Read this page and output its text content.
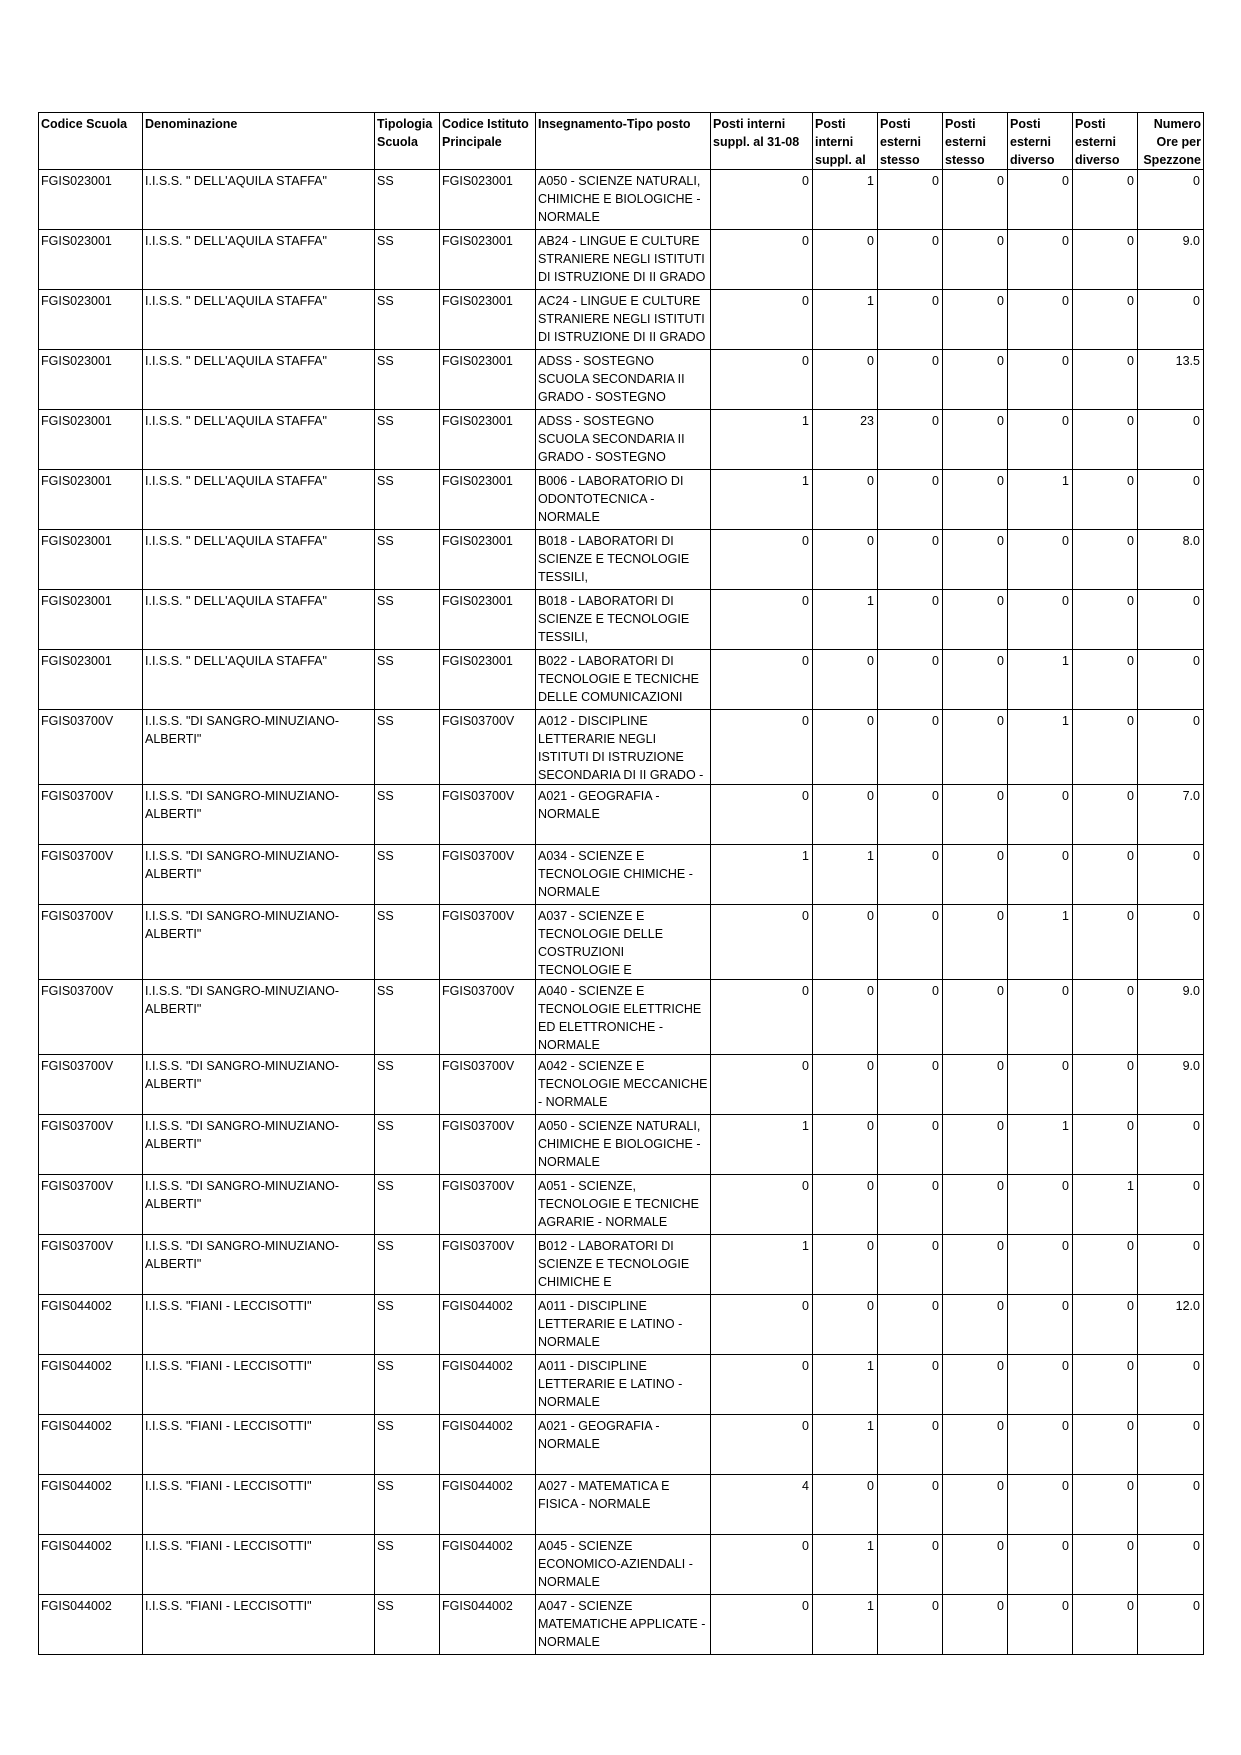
Codice Scuola	Denominazione	Tipologia Scuola	Codice Istituto Principale	Insegnamento-Tipo posto	Posti interni suppl. al 31-08	Posti interni suppl. al	Posti esterni stesso	Posti esterni stesso	Posti esterni diverso	Posti esterni diverso	Numero Ore per Spezzone
FGIS023001	I.I.S.S. " DELL'AQUILA STAFFA"	SS	FGIS023001	A050 - SCIENZE NATURALI, CHIMICHE E BIOLOGICHE - NORMALE	0	1	0	0	0	0	0
FGIS023001	I.I.S.S. " DELL'AQUILA STAFFA"	SS	FGIS023001	AB24 - LINGUE E CULTURE STRANIERE NEGLI ISTITUTI DI ISTRUZIONE DI II GRADO	0	0	0	0	0	0	9.0
FGIS023001	I.I.S.S. " DELL'AQUILA STAFFA"	SS	FGIS023001	AC24 - LINGUE E CULTURE STRANIERE NEGLI ISTITUTI DI ISTRUZIONE DI II GRADO	0	1	0	0	0	0	0
FGIS023001	I.I.S.S. " DELL'AQUILA STAFFA"	SS	FGIS023001	ADSS - SOSTEGNO SCUOLA SECONDARIA II GRADO - SOSTEGNO	0	0	0	0	0	0	13.5
FGIS023001	I.I.S.S. " DELL'AQUILA STAFFA"	SS	FGIS023001	ADSS - SOSTEGNO SCUOLA SECONDARIA II GRADO - SOSTEGNO	1	23	0	0	0	0	0
FGIS023001	I.I.S.S. " DELL'AQUILA STAFFA"	SS	FGIS023001	B006 - LABORATORIO DI ODONTOTECNICA - NORMALE	1	0	0	0	1	0	0
FGIS023001	I.I.S.S. " DELL'AQUILA STAFFA"	SS	FGIS023001	B018 - LABORATORI DI SCIENZE E TECNOLOGIE TESSILI,	0	0	0	0	0	0	8.0
FGIS023001	I.I.S.S. " DELL'AQUILA STAFFA"	SS	FGIS023001	B018 - LABORATORI DI SCIENZE E TECNOLOGIE TESSILI,	0	1	0	0	0	0	0
FGIS023001	I.I.S.S. " DELL'AQUILA STAFFA"	SS	FGIS023001	B022 - LABORATORI DI TECNOLOGIE E TECNICHE DELLE COMUNICAZIONI	0	0	0	0	1	0	0
FGIS03700V	I.I.S.S. "DI SANGRO-MINUZIANO-ALBERTI"	SS	FGIS03700V	A012 - DISCIPLINE LETTERARIE NEGLI ISTITUTI DI ISTRUZIONE SECONDARIA DI II GRADO -	0	0	0	0	1	0	0
FGIS03700V	I.I.S.S. "DI SANGRO-MINUZIANO-ALBERTI"	SS	FGIS03700V	A021 - GEOGRAFIA - NORMALE	0	0	0	0	0	0	7.0
FGIS03700V	I.I.S.S. "DI SANGRO-MINUZIANO-ALBERTI"	SS	FGIS03700V	A034 - SCIENZE E TECNOLOGIE CHIMICHE - NORMALE	1	1	0	0	0	0	0
FGIS03700V	I.I.S.S. "DI SANGRO-MINUZIANO-ALBERTI"	SS	FGIS03700V	A037 - SCIENZE E TECNOLOGIE DELLE COSTRUZIONI TECNOLOGIE E	0	0	0	0	1	0	0
FGIS03700V	I.I.S.S. "DI SANGRO-MINUZIANO-ALBERTI"	SS	FGIS03700V	A040 - SCIENZE E TECNOLOGIE ELETTRICHE ED ELETTRONICHE - NORMALE	0	0	0	0	0	0	9.0
FGIS03700V	I.I.S.S. "DI SANGRO-MINUZIANO-ALBERTI"	SS	FGIS03700V	A042 - SCIENZE E TECNOLOGIE MECCANICHE - NORMALE	0	0	0	0	0	0	9.0
FGIS03700V	I.I.S.S. "DI SANGRO-MINUZIANO-ALBERTI"	SS	FGIS03700V	A050 - SCIENZE NATURALI, CHIMICHE E BIOLOGICHE - NORMALE	1	0	0	0	1	0	0
FGIS03700V	I.I.S.S. "DI SANGRO-MINUZIANO-ALBERTI"	SS	FGIS03700V	A051 - SCIENZE, TECNOLOGIE E TECNICHE AGRARIE - NORMALE	0	0	0	0	0	1	0
FGIS03700V	I.I.S.S. "DI SANGRO-MINUZIANO-ALBERTI"	SS	FGIS03700V	B012 - LABORATORI DI SCIENZE E TECNOLOGIE CHIMICHE E	1	0	0	0	0	0	0
FGIS044002	I.I.S.S. "FIANI - LECCISOTTI"	SS	FGIS044002	A011 - DISCIPLINE LETTERARIE E LATINO - NORMALE	0	0	0	0	0	0	12.0
FGIS044002	I.I.S.S. "FIANI - LECCISOTTI"	SS	FGIS044002	A011 - DISCIPLINE LETTERARIE E LATINO - NORMALE	0	1	0	0	0	0	0
FGIS044002	I.I.S.S. "FIANI - LECCISOTTI"	SS	FGIS044002	A021 - GEOGRAFIA - NORMALE	0	1	0	0	0	0	0
FGIS044002	I.I.S.S. "FIANI - LECCISOTTI"	SS	FGIS044002	A027 - MATEMATICA E FISICA - NORMALE	4	0	0	0	0	0	0
FGIS044002	I.I.S.S. "FIANI - LECCISOTTI"	SS	FGIS044002	A045 - SCIENZE ECONOMICO-AZIENDALI - NORMALE	0	1	0	0	0	0	0
FGIS044002	I.I.S.S. "FIANI - LECCISOTTI"	SS	FGIS044002	A047 - SCIENZE MATEMATICHE APPLICATE - NORMALE	0	1	0	0	0	0	0
